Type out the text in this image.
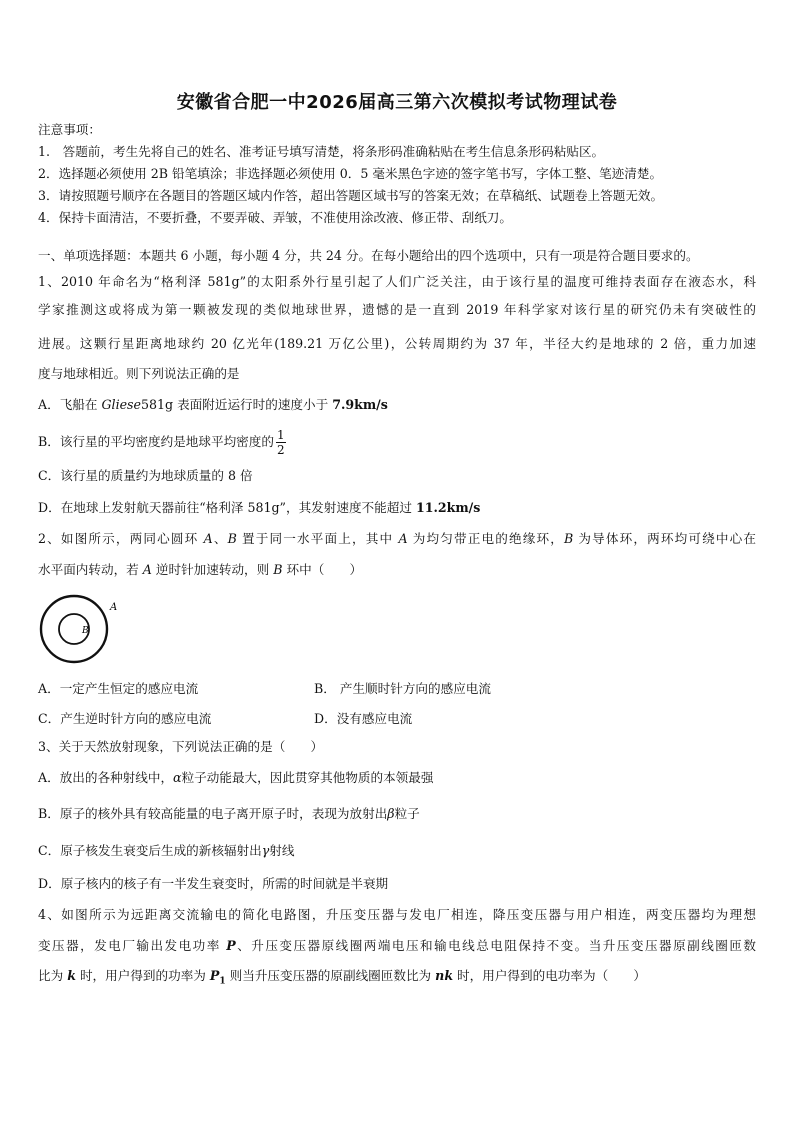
安徽省合肥一中2026届高三第六次模拟考试物理试卷
注意事项：
1.　答题前，考生先将自己的姓名、准考证号填写清楚，将条形码准确粘贴在考生信息条形码粘贴区。
2．选择题必须使用 2B 铅笔填涂；非选择题必须使用 0．5 毫米黑色字迹的签字笔书写，字体工整、笔迹清楚。
3．请按照题号顺序在各题目的答题区域内作答，超出答题区域书写的答案无效；在草稿纸、试题卷上答题无效。
4．保持卡面清洁，不要折叠，不要弄破、弄皱，不准使用涂改液、修正带、刮纸刀。
一、单项选择题：本题共 6 小题，每小题 4 分，共 24 分。在每小题给出的四个选项中，只有一项是符合题目要求的。
1、2010 年命名为“格利泽 581g”的太阳系外行星引起了人们广泛关注，由于该行星的温度可维持表面存在液态水，科
学家推测这或将成为第一颗被发现的类似地球世界，遗憾的是一直到 2019 年科学家对该行星的研究仍未有突破性的
进展。这颗行星距离地球约 20 亿光年(189.21 万亿公里)，公转周期约为 37 年，半径大约是地球的 2 倍，重力加速
度与地球相近。则下列说法正确的是
A．飞船在 Gliese581g 表面附近运行时的速度小于 7.9km/s
B．该行星的平均密度约是地球平均密度的 $\frac{1}{2}$
C．该行星的质量约为地球质量的 8 倍
D．在地球上发射航天器前往“格利泽 581g”，其发射速度不能超过 11.2km/s
2、如图所示，两同心圆环 A、B 置于同一水平面上，其中 A 为均匀带正电的绝缘环，B 为导体环，两环均可绕中心在
水平面内转动，若 A 逆时针加速转动，则 B 环中（　　）
A
B
A．一定产生恒定的感应电流	B． 产生顺时针方向的感应电流
C．产生逆时针方向的感应电流	D．没有感应电流
3、关于天然放射现象，下列说法正确的是（　　）
A．放出的各种射线中，α粒子动能最大，因此贯穿其他物质的本领最强
B．原子的核外具有较高能量的电子离开原子时，表现为放射出β粒子
C．原子核发生衰变后生成的新核辐射出γ射线
D．原子核内的核子有一半发生衰变时，所需的时间就是半衰期
4、如图所示为远距离交流输电的简化电路图，升压变压器与发电厂相连，降压变压器与用户相连，两变压器均为理想
变压器，发电厂输出发电功率 P、升压变压器原线圈两端电压和输电线总电阻保持不变。当升压变压器原副线圈匝数
比为 k 时，用户得到的功率为 $P_1$ 则当升压变压器的原副线圈匝数比为 nk 时，用户得到的电功率为（　　）
